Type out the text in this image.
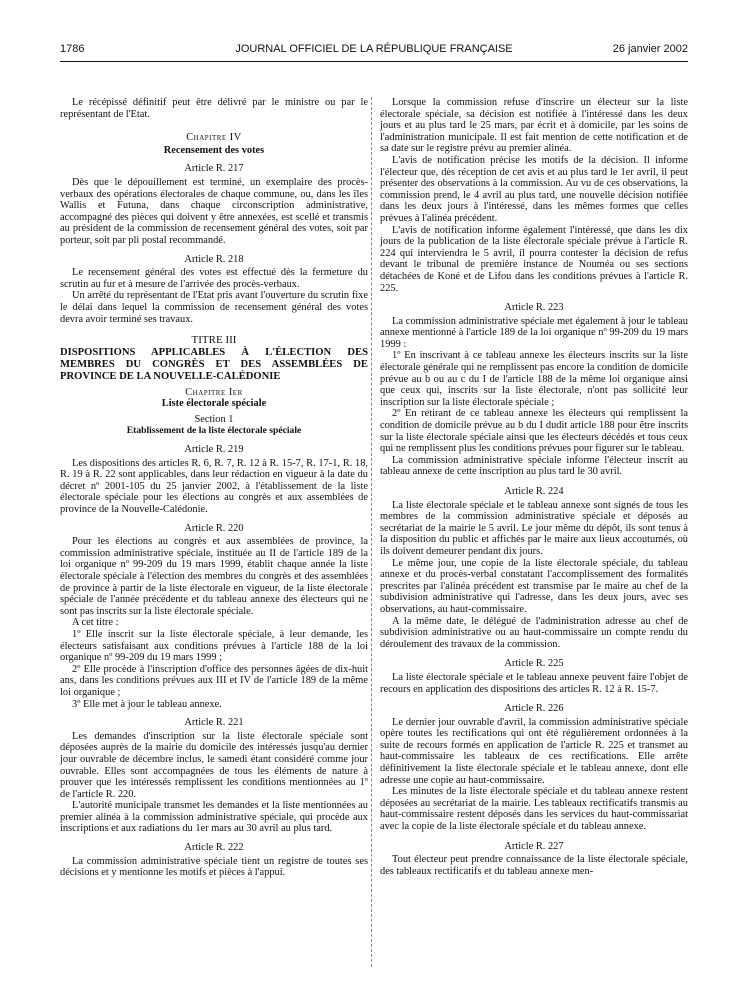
1786	JOURNAL OFFICIEL DE LA RÉPUBLIQUE FRANÇAISE	26 janvier 2002

Le récépissé définitif peut être délivré par le ministre ou par le représentant de l'Etat.

Chapitre IV
Recensement des votes
Article R. 217

Dès que le dépouillement est terminé, un exemplaire des procès-verbaux des opérations électorales de chaque commune, ou, dans les îles Wallis et Futuna, dans chaque circonscription administrative, accompagné des pièces qui doivent y être annexées, est scellé et transmis au président de la commission de recensement général des votes, soit par porteur, soit par pli postal recommandé.

Article R. 218

Le recensement général des votes est effectué dès la fermeture du scrutin au fur et à mesure de l'arrivée des procès-verbaux.

Un arrêté du représentant de l'Etat pris avant l'ouverture du scrutin fixe le délai dans lequel la commission de recensement général des votes devra avoir terminé ses travaux.

TITRE III
DISPOSITIONS APPLICABLES À L'ÉLECTION DES MEMBRES DU CONGRÈS ET DES ASSEMBLÉES DE PROVINCE DE LA NOUVELLE-CALÉDONIE
Chapitre Ier
Liste électorale spéciale
Section 1
Etablissement de la liste électorale spéciale
Article R. 219

Les dispositions des articles R. 6, R. 7, R. 12 à R. 15-7, R. 17-1, R. 18, R. 19 à R. 22 sont applicables, dans leur rédaction en vigueur à la date du décret nº 2001-105 du 25 janvier 2002, à l'établissement de la liste électorale spéciale pour les élections au congrès et aux assemblées de province de la Nouvelle-Calédonie.

Article R. 220

Pour les élections au congrès et aux assemblées de province, la commission administrative spéciale, instituée au II de l'article 189 de la loi organique nº 99-209 du 19 mars 1999, établit chaque année la liste électorale spéciale à l'élection des membres du congrès et des assemblées de province à partir de la liste électorale en vigueur, de la liste électorale spéciale de l'année précédente et du tableau annexe des électeurs qui ne sont pas inscrits sur la liste électorale spéciale.

A cet titre :

1º Elle inscrit sur la liste électorale spéciale, à leur demande, les électeurs satisfaisant aux conditions prévues à l'article 188 de la loi organique nº 99-209 du 19 mars 1999 ;

2º Elle procède à l'inscription d'office des personnes âgées de dix-huit ans, dans les conditions prévues aux III et IV de l'article 189 de la même loi organique ;

3º Elle met à jour le tableau annexe.

Article R. 221

Les demandes d'inscription sur la liste électorale spéciale sont déposées auprès de la mairie du domicile des intéressés jusqu'au dernier jour ouvrable de décembre inclus, le samedi étant considéré comme jour ouvrable. Elles sont accompagnées de tous les éléments de nature à prouver que les intéressés remplissent les conditions mentionnées au 1º de l'article R. 220.

L'autorité municipale transmet les demandes et la liste mentionnées au premier alinéa à la commission administrative spéciale, qui procède aux inscriptions et aux radiations du 1er mars au 30 avril au plus tard.

Article R. 222

La commission administrative spéciale tient un registre de toutes ses décisions et y mentionne les motifs et pièces à l'appui.

Lorsque la commission refuse d'inscrire un électeur sur la liste électorale spéciale, sa décision est notifiée à l'intéressé dans les deux jours et au plus tard le 25 mars, par écrit et à domicile, par les soins de l'administration municipale. Il est fait mention de cette notification et de sa date sur le registre prévu au premier alinéa.

L'avis de notification précise les motifs de la décision. Il informe l'électeur que, dès réception de cet avis et au plus tard le 1er avril, il peut présenter des observations à la commission. Au vu de ces observations, la commission prend, le 4 avril au plus tard, une nouvelle décision notifiée dans les deux jours à l'intéressé, dans les mêmes formes que celles prévues à l'alinéa précédent.

L'avis de notification informe également l'intéressé, que dans les dix jours de la publication de la liste électorale spéciale prévue à l'article R. 224 qui interviendra le 5 avril, il pourra contester la décision de refus devant le tribunal de première instance de Nouméa ou ses sections détachées de Koné et de Lifou dans les conditions prévues à l'article R. 225.

Article R. 223

La commission administrative spéciale met également à jour le tableau annexe mentionné à l'article 189 de la loi organique nº 99-209 du 19 mars 1999 :

1º En inscrivant à ce tableau annexe les électeurs inscrits sur la liste électorale générale qui ne remplissent pas encore la condition de domicile prévue au b ou au c du I de l'article 188 de la même loi organique ainsi que ceux qui, inscrits sur la liste électorale, n'ont pas sollicité leur inscription sur la liste électorale spéciale ;

2º En retirant de ce tableau annexe les électeurs qui remplissent la condition de domicile prévue au b du I dudit article 188 pour être inscrits sur la liste électorale spéciale ainsi que les électeurs décédés et tous ceux qui ne remplissent plus les conditions prévues pour figurer sur le tableau.

La commission administrative spéciale informe l'électeur inscrit au tableau annexe de cette inscription au plus tard le 30 avril.

Article R. 224

La liste électorale spéciale et le tableau annexe sont signés de tous les membres de la commission administrative spéciale et déposés au secrétariat de la mairie le 5 avril. Le jour même du dépôt, ils sont tenus à la disposition du public et affichés par le maire aux lieux accoutumés, où ils doivent demeurer pendant dix jours.

Le même jour, une copie de la liste électorale spéciale, du tableau annexe et du procès-verbal constatant l'accomplissement des formalités prescrites par l'alinéa précédent est transmise par le maire au chef de la subdivision administrative qui l'adresse, dans les deux jours, avec ses observations, au haut-commissaire.

A la même date, le délégué de l'administration adresse au chef de subdivision administrative ou au haut-commissaire un compte rendu du déroulement des travaux de la commission.

Article R. 225

La liste électorale spéciale et le tableau annexe peuvent faire l'objet de recours en application des dispositions des articles R. 12 à R. 15-7.

Article R. 226

Le dernier jour ouvrable d'avril, la commission administrative spéciale opère toutes les rectifications qui ont été régulièrement ordonnées à la suite de recours formés en application de l'article R. 225 et transmet au haut-commissaire les tableaux de ces rectifications. Elle arrête définitivement la liste électorale spéciale et le tableau annexe, dont elle adresse une copie au haut-commissaire.

Les minutes de la liste électorale spéciale et du tableau annexe restent déposées au secrétariat de la mairie. Les tableaux rectificatifs transmis au haut-commissaire restent déposés dans les services du haut-commissariat avec la copie de la liste électorale spéciale et du tableau annexe.

Article R. 227

Tout électeur peut prendre connaissance de la liste électorale spéciale, des tableaux rectificatifs et du tableau annexe men-
